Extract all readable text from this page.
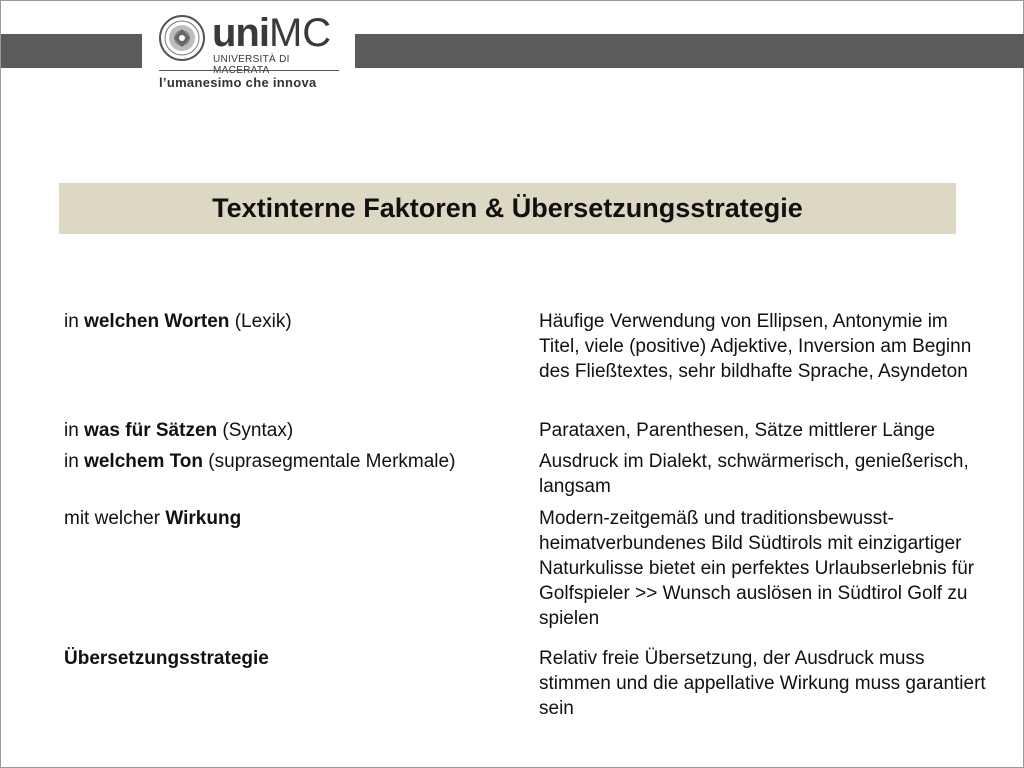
uniMC
UNIVERSITÀ DI
l’umanesimo che innova
Textinterne Faktoren & Übersetzungsstrategie
in welchen Worten (Lexik)	Häufige Verwendung von Ellipsen, Antonymie im Titel, viele (positive) Adjektive, Inversion am Beginn des Fließtextes, sehr bildhafte Sprache, Asyndeton
in was für Sätzen (Syntax)	Parataxen, Parenthesen, Sätze mittlerer Länge
in welchem Ton (suprasegmentale Merkmale)	Ausdruck im Dialekt, schwärmerisch, genießerisch, langsam
mit welcher Wirkung	Modern-zeitgemäß und traditionsbewusst-heimatverbundenes Bild Südtirols mit einzigartiger Naturkulisse bietet ein perfektes Urlaubserlebnis für Golfspieler >> Wunsch auslösen in Südtirol Golf zu spielen
Übersetzungsstrategie	Relativ freie Übersetzung, der Ausdruck muss stimmen und die appellative Wirkung muss garantiert sein
